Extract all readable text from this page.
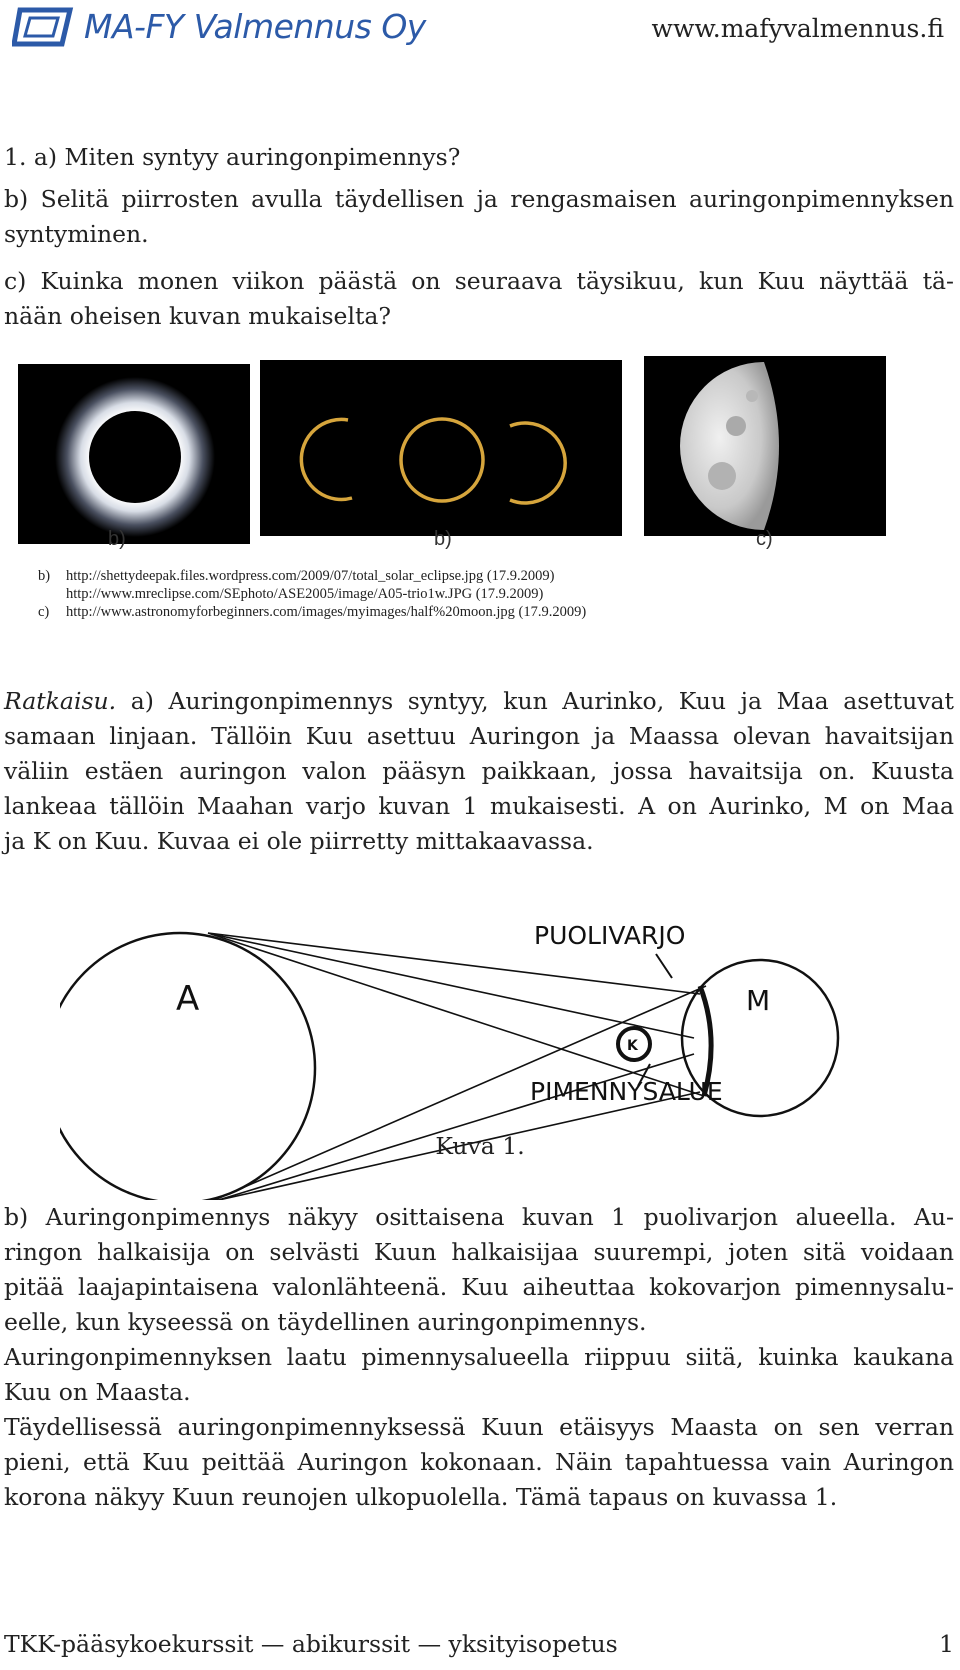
MA-FY Valmennus Oy	www.mafyvalmennus.fi

1. a) Miten syntyy auringonpimennys?

b) Selitä piirrosten avulla täydellisen ja rengasmaisen auringonpimennyksen
syntyminen.
c) Kuinka monen viikon päästä on seuraava täysikuu, kun Kuu näyttää tä-
nään oheisen kuvan mukaiselta?
b)	b)	c)
b) http://shettydeepak.files.wordpress.com/2009/07/total_solar_eclipse.jpg (17.9.2009)
http://www.mreclipse.com/SEphoto/ASE2005/image/A05-trio1w.JPG (17.9.2009)
c) http://www.astronomyforbeginners.com/images/myimages/half%20moon.jpg (17.9.2009)
Ratkaisu. a) Auringonpimennys syntyy, kun Aurinko, Kuu ja Maa asettuvat
samaan linjaan. Tällöin Kuu asettuu Auringon ja Maassa olevan havaitsijan
väliin estäen auringon valon pääsyn paikkaan, jossa havaitsija on. Kuusta
lankeaa tällöin Maahan varjo kuvan 1 mukaisesti. A on Aurinko, M on Maa
ja K on Kuu. Kuvaa ei ole piirretty mittakaavassa.
A
K
M
PUOLIVARJO
PIMENNYSALUE
Kuva 1.
b) Auringonpimennys näkyy osittaisena kuvan 1 puolivarjon alueella. Au-
ringon halkaisija on selvästi Kuun halkaisijaa suurempi, joten sitä voidaan
pitää laajapintaisena valonlähteenä. Kuu aiheuttaa kokovarjon pimennysalu-
eelle, kun kyseessä on täydellinen auringonpimennys.
Auringonpimennyksen laatu pimennysalueella riippuu siitä, kuinka kaukana
Kuu on Maasta.
Täydellisessä auringonpimennyksessä Kuun etäisyys Maasta on sen verran
pieni, että Kuu peittää Auringon kokonaan. Näin tapahtuessa vain Auringon
korona näkyy Kuun reunojen ulkopuolella. Tämä tapaus on kuvassa 1.
TKK-pääsykoekurssit — abikurssit — yksityisopetus	1
